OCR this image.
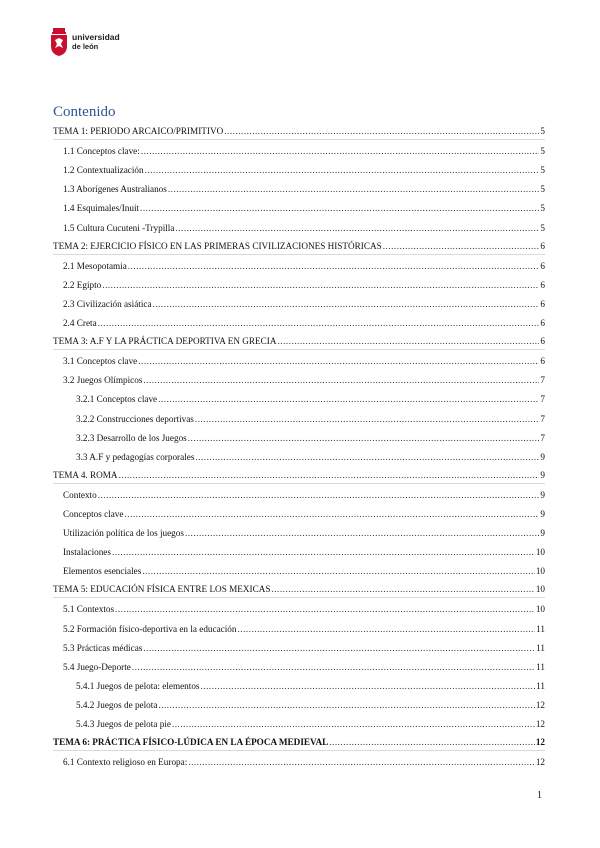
universidad
de león
Contenido
TEMA 1: PERIODO ARCAICO/PRIMITIVO .....	5
1.1 Conceptos clave: .....	5
1.2 Contextualización .....	5
1.3 Aborígenes Australianos .....	5
1.4 Esquimales/Inuit .....	5
1.5 Cultura Cucuteni -Trypilla .....	5
TEMA 2: EJERCICIO FÍSICO EN LAS PRIMERAS CIVILIZACIONES HISTÓRICAS .....	6
2.1 Mesopotamia .....	6
2.2 Egipto .....	6
2.3 Civilización asiática .....	6
2.4 Creta .....	6
TEMA 3: A.F Y LA PRÁCTICA DEPORTIVA EN GRECIA .....	6
3.1 Conceptos clave .....	6
3.2 Juegos Olímpicos .....	7
3.2.1 Conceptos clave .....	7
3.2.2 Construcciones deportivas .....	7
3.2.3 Desarrollo de los Juegos .....	7
3.3 A.F y pedagogías corporales .....	9
TEMA 4. ROMA .....	9
Contexto .....	9
Conceptos clave .....	9
Utilización política de los juegos .....	9
Instalaciones .....	10
Elementos esenciales .....	10
TEMA 5: EDUCACIÓN FÍSICA ENTRE LOS MEXICAS .....	10
5.1 Contextos .....	10
5.2 Formación físico-deportiva en la educación .....	11
5.3 Prácticas médicas .....	11
5.4 Juego-Deporte .....	11
5.4.1 Juegos de pelota: elementos .....	11
5.4.2 Juegos de pelota .....	12
5.4.3 Juegos de pelota pie .....	12
TEMA 6: PRÁCTICA FÍSICO-LÚDICA EN LA ÉPOCA MEDIEVAL .....	12
6.1 Contexto religioso en Europa: .....	12
1
